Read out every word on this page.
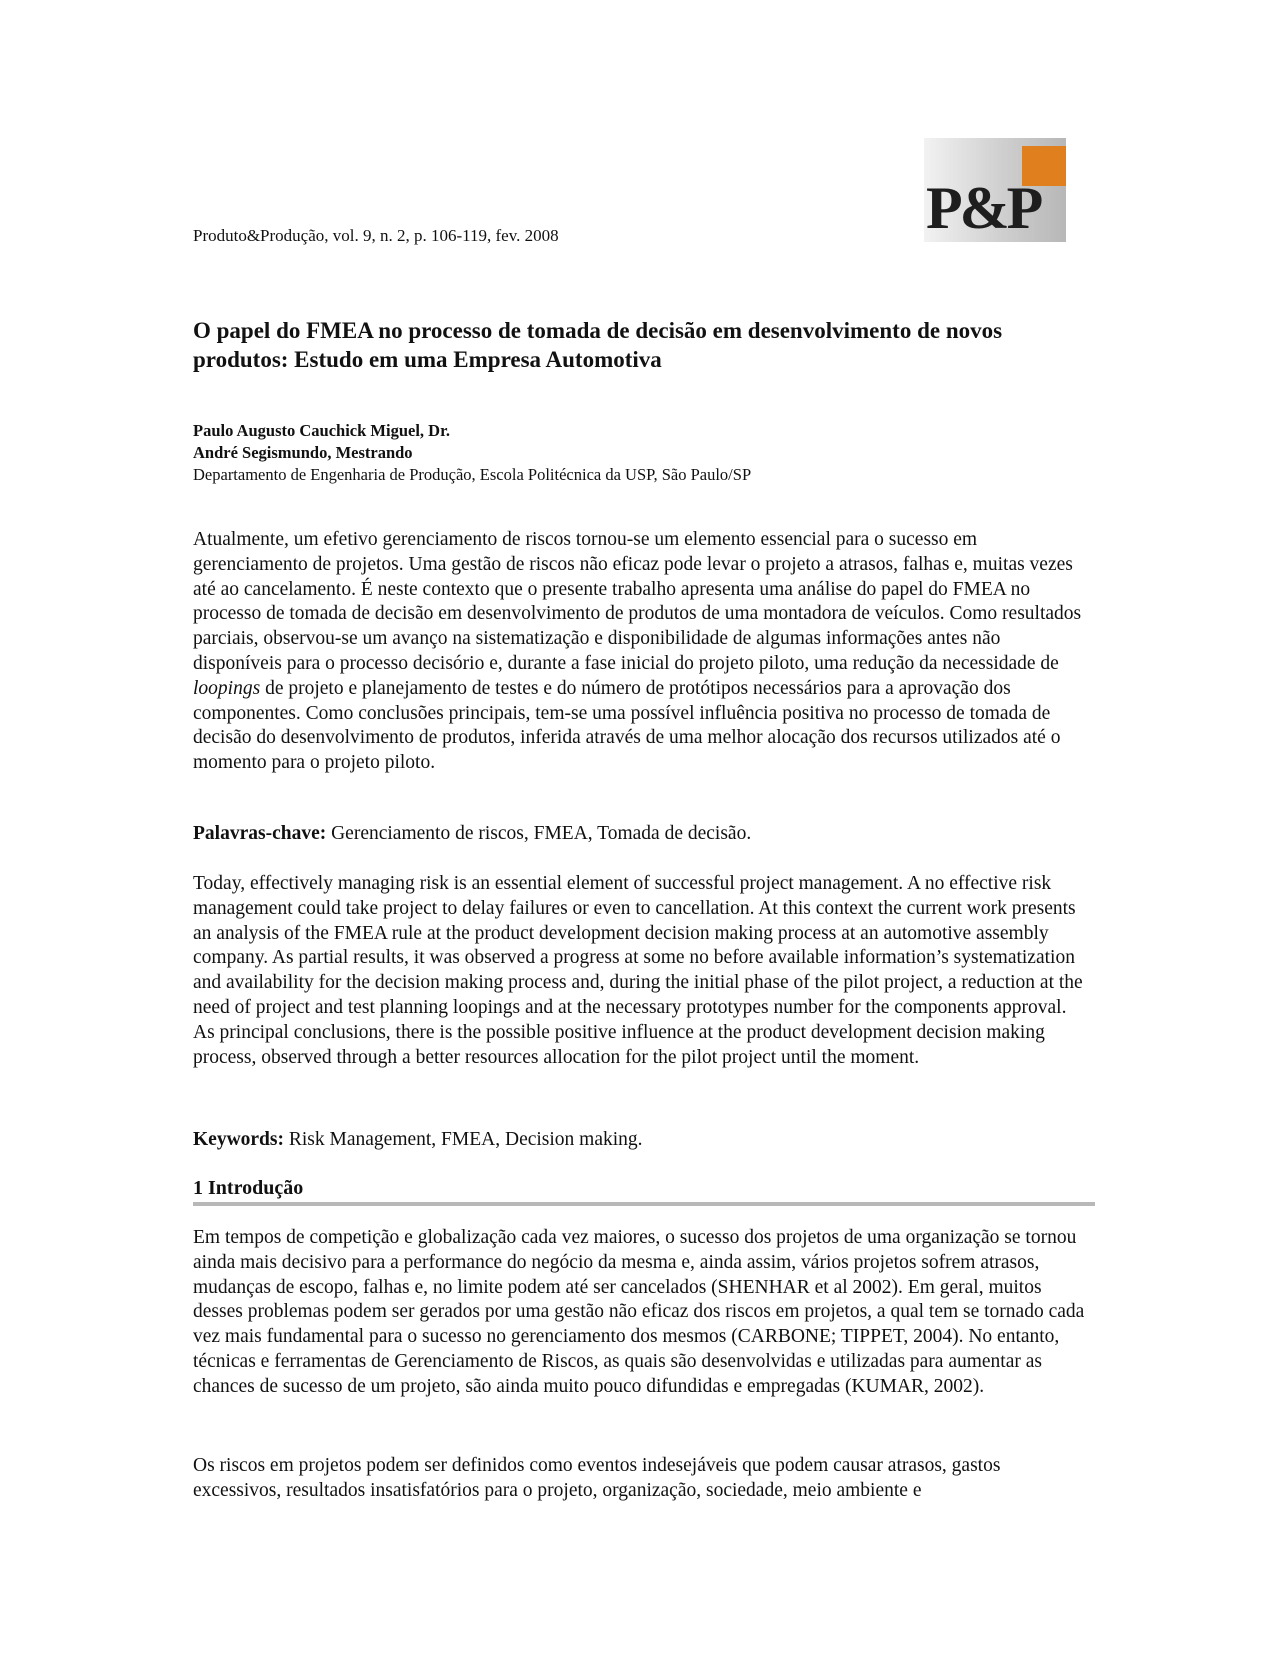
P&P
Produto&Produção, vol. 9, n. 2, p. 106-119, fev. 2008
O papel do FMEA no processo de tomada de decisão em desenvolvimento de novos produtos: Estudo em uma Empresa Automotiva
Paulo Augusto Cauchick Miguel, Dr.
André Segismundo, Mestrando
Departamento de Engenharia de Produção, Escola Politécnica da USP, São Paulo/SP

Atualmente, um efetivo gerenciamento de riscos tornou-se um elemento essencial para o sucesso em gerenciamento de projetos. Uma gestão de riscos não eficaz pode levar o projeto a atrasos, falhas e, muitas vezes até ao cancelamento. É neste contexto que o presente trabalho apresenta uma análise do papel do FMEA no processo de tomada de decisão em desenvolvimento de produtos de uma montadora de veículos. Como resultados parciais, observou-se um avanço na sistematização e disponibilidade de algumas informações antes não disponíveis para o processo decisório e, durante a fase inicial do projeto piloto, uma redução da necessidade de loopings de projeto e planejamento de testes e do número de protótipos necessários para a aprovação dos componentes. Como conclusões principais, tem-se uma possível influência positiva no processo de tomada de decisão do desenvolvimento de produtos, inferida através de uma melhor alocação dos recursos utilizados até o momento para o projeto piloto.

Palavras-chave: Gerenciamento de riscos, FMEA, Tomada de decisão.

Today, effectively managing risk is an essential element of successful project management. A no effective risk management could take project to delay failures or even to cancellation. At this context the current work presents an analysis of the FMEA rule at the product development decision making process at an automotive assembly company. As partial results, it was observed a progress at some no before available information’s systematization and availability for the decision making process and, during the initial phase of the pilot project, a reduction at the need of project and test planning loopings and at the necessary prototypes number for the components approval. As principal conclusions, there is the possible positive influence at the product development decision making process, observed through a better resources allocation for the pilot project until the moment.

Keywords: Risk Management, FMEA, Decision making.

1 Introdução

Em tempos de competição e globalização cada vez maiores, o sucesso dos projetos de uma organização se tornou ainda mais decisivo para a performance do negócio da mesma e, ainda assim, vários projetos sofrem atrasos, mudanças de escopo, falhas e, no limite podem até ser cancelados (SHENHAR et al 2002). Em geral, muitos desses problemas podem ser gerados por uma gestão não eficaz dos riscos em projetos, a qual tem se tornado cada vez mais fundamental para o sucesso no gerenciamento dos mesmos (CARBONE; TIPPET, 2004). No entanto, técnicas e ferramentas de Gerenciamento de Riscos, as quais são desenvolvidas e utilizadas para aumentar as chances de sucesso de um projeto, são ainda muito pouco difundidas e empregadas (KUMAR, 2002).

Os riscos em projetos podem ser definidos como eventos indesejáveis que podem causar atrasos, gastos excessivos, resultados insatisfatórios para o projeto, organização, sociedade, meio ambiente e
